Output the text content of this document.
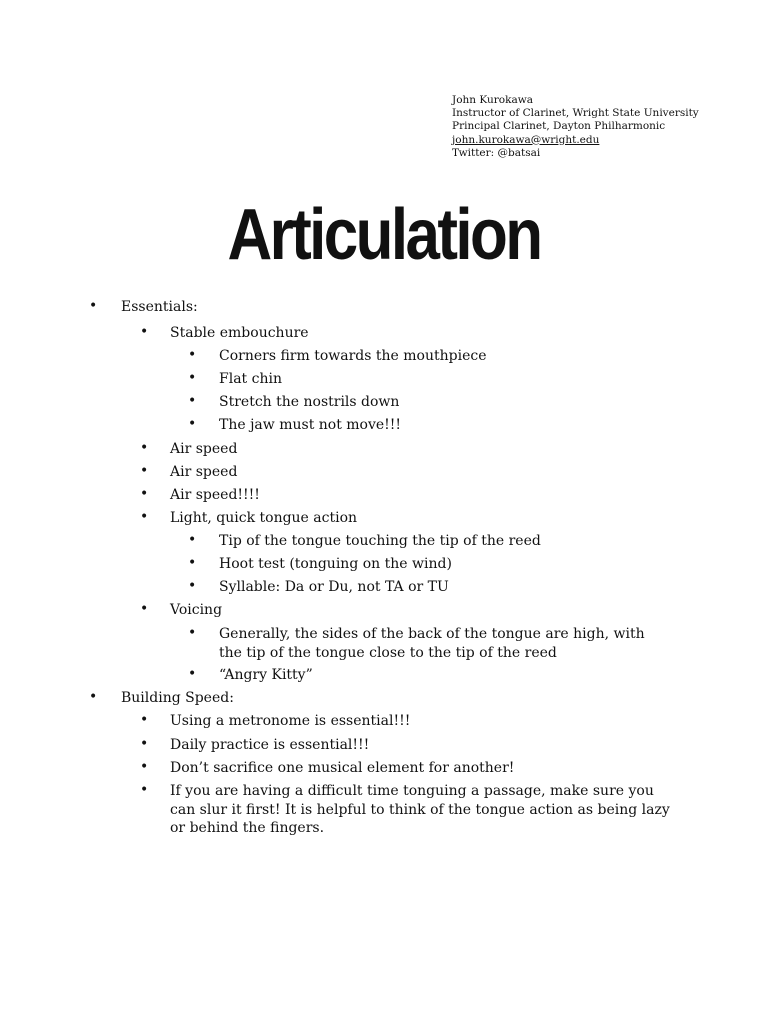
John Kurokawa
Instructor of Clarinet, Wright State University
Principal Clarinet, Dayton Philharmonic
john.kurokawa@wright.edu
Twitter: @batsai
Articulation
• Essentials:
• Stable embouchure
• Corners firm towards the mouthpiece
• Flat chin
• Stretch the nostrils down
• The jaw must not move!!!
• Air speed
• Air speed
• Air speed!!!!
• Light, quick tongue action
• Tip of the tongue touching the tip of the reed
• Hoot test (tonguing on the wind)
• Syllable: Da or Du, not TA or TU
• Voicing
• Generally, the sides of the back of the tongue are high, with the tip of the tongue close to the tip of the reed
• “Angry Kitty”
• Building Speed:
• Using a metronome is essential!!!
• Daily practice is essential!!!
• Don’t sacrifice one musical element for another!
• If you are having a difficult time tonguing a passage, make sure you can slur it first! It is helpful to think of the tongue action as being lazy or behind the fingers.
